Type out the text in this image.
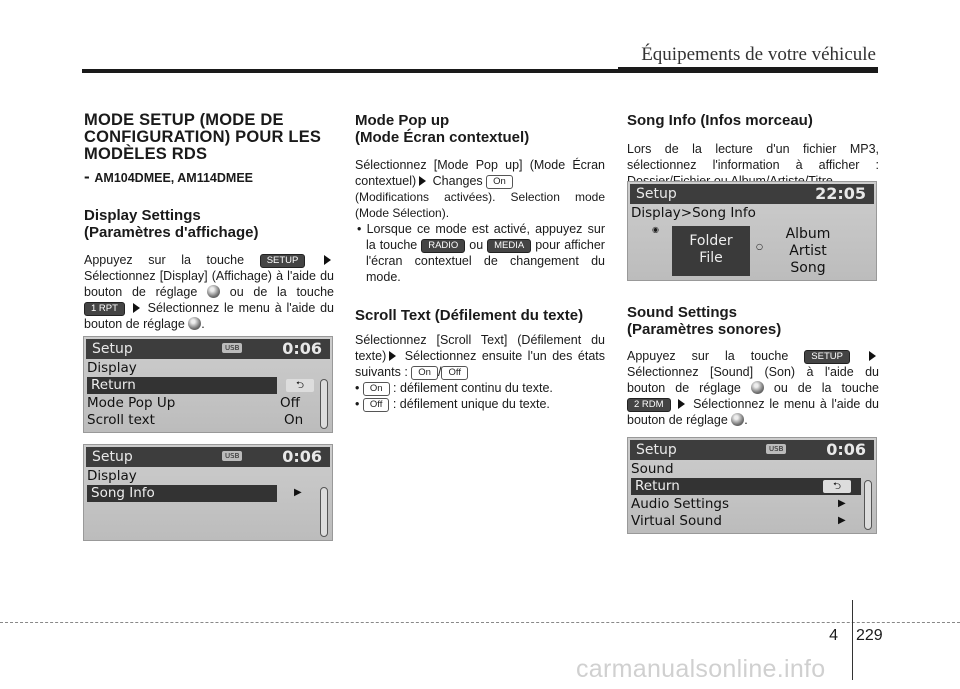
Équipements de votre véhicule
MODE SETUP (MODE DE CONFIGURATION) POUR LES MODÈLES RDS
- AM104DMEE, AM114DMEE
Display Settings
(Paramètres d'affichage)

Appuyez sur la touche SETUP  Sélectionnez [Display] (Affichage) à l'aide du bouton de réglage	ou de la touche 1 RPT Sélectionnez le menu à l'aide du bouton de réglage .

Setup	USB	0:06
Display
Return	⮌
Mode Pop Up	Off
Scroll text	On
Setup	USB	0:06
Display
Song Info	▶
Mode Pop up
(Mode Écran contextuel)

Sélectionnez [Mode Pop up] (Mode Écran contextuel) Changes On

(Modifications activées). Selection mode (Mode Sélection).

• Lorsque ce mode est activé, appuyez sur la touche RADIO ou MEDIA pour afficher l'écran contextuel de changement du mode.
Scroll Text (Défilement du texte)

Sélectionnez [Scroll Text] (Défilement du texte) Sélectionnez ensuite l'un des états suivants : On / Off

• On : défilement continu du texte.

• Off : défilement unique du texte.

Song Info (Infos morceau)

Lors de la lecture d'un fichier MP3, sélectionnez l'information à afficher :

Setup	22:05
Display>Song Info
◉
Folder
File
○
Album
Artist
Song
Sound Settings
(Paramètres sonores)

Appuyez sur la touche SETUP  Sélectionnez [Sound] (Son) à l'aide du bouton de réglage	ou de la touche 2 RDM Sélectionnez le menu à l'aide du bouton de réglage .

Setup	USB	0:06
Sound
Return	⮌
Audio Settings	▶
Virtual Sound	▶
4 229
carmanualsonline.info
